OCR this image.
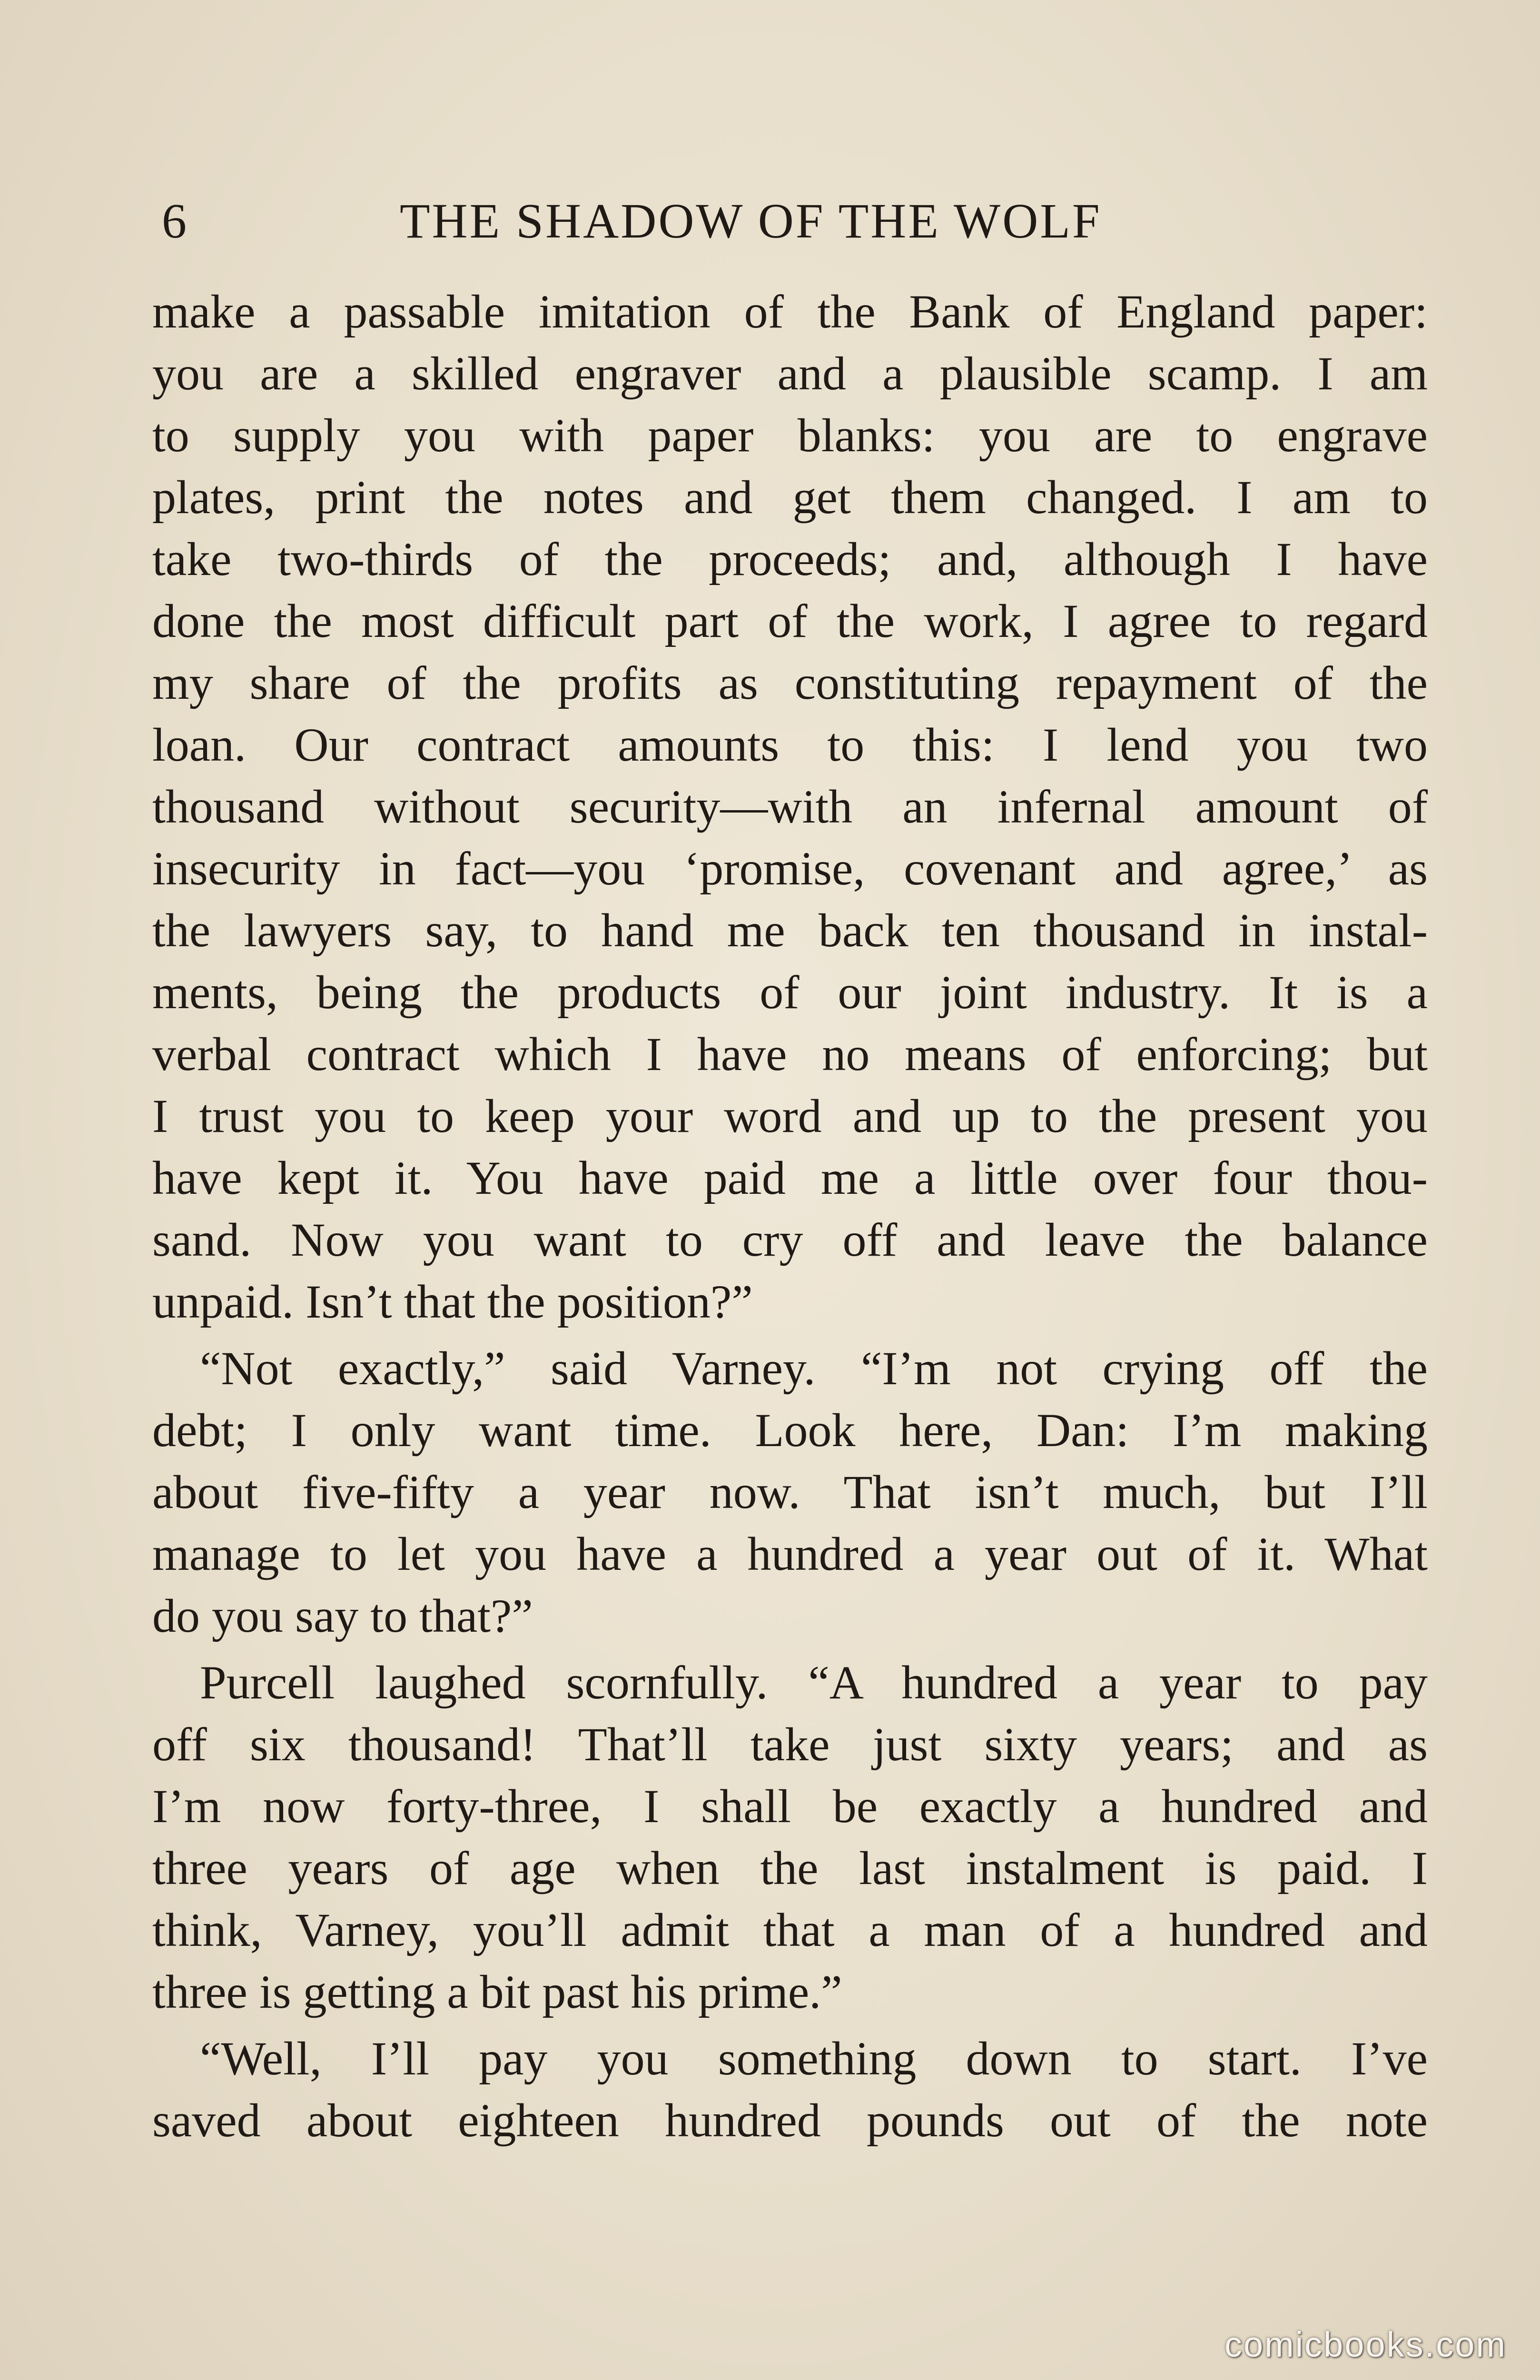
6	THE SHADOW OF THE WOLF
make a passable imitation of the Bank of England paper:
you are a skilled engraver and a plausible scamp. I am
to supply you with paper blanks: you are to engrave
plates, print the notes and get them changed. I am to
take two-thirds of the proceeds; and, although I have
done the most difficult part of the work, I agree to regard
my share of the profits as constituting repayment of the
loan. Our contract amounts to this: I lend you two
thousand without security—with an infernal amount of
insecurity in fact—you ‘promise, covenant and agree,’ as
the lawyers say, to hand me back ten thousand in instal-
ments, being the products of our joint industry. It is a
verbal contract which I have no means of enforcing; but
I trust you to keep your word and up to the present you
have kept it. You have paid me a little over four thou-
sand. Now you want to cry off and leave the balance
unpaid. Isn’t that the position?”
“Not exactly,” said Varney. “I’m not crying off the
debt; I only want time. Look here, Dan: I’m making
about five-fifty a year now. That isn’t much, but I’ll
manage to let you have a hundred a year out of it. What
do you say to that?”
Purcell laughed scornfully. “A hundred a year to pay
off six thousand! That’ll take just sixty years; and as
I’m now forty-three, I shall be exactly a hundred and
three years of age when the last instalment is paid. I
think, Varney, you’ll admit that a man of a hundred and
three is getting a bit past his prime.”
“Well, I’ll pay you something down to start. I’ve
saved about eighteen hundred pounds out of the note
comicbooks.com
